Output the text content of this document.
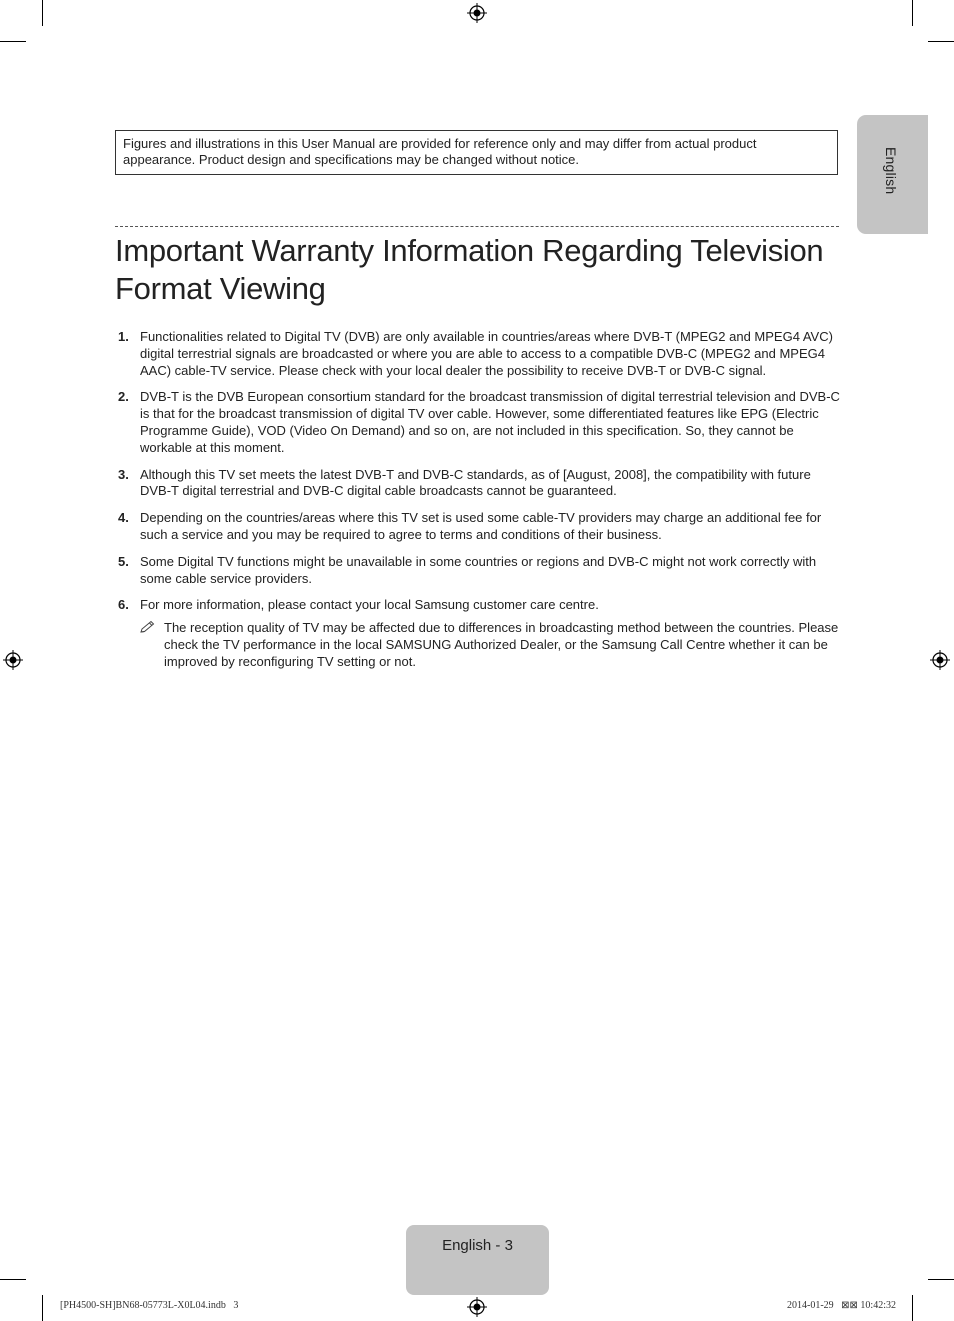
English
Figures and illustrations in this User Manual are provided for reference only and may differ from actual product appearance. Product design and specifications may be changed without notice.
Important Warranty Information Regarding Television Format Viewing
1. Functionalities related to Digital TV (DVB) are only available in countries/areas where DVB-T (MPEG2 and MPEG4 AVC) digital terrestrial signals are broadcasted or where you are able to access to a compatible DVB-C (MPEG2 and MPEG4 AAC) cable-TV service. Please check with your local dealer the possibility to receive DVB-T or DVB-C signal.
2. DVB-T is the DVB European consortium standard for the broadcast transmission of digital terrestrial television and DVB-C is that for the broadcast transmission of digital TV over cable. However, some differentiated features like EPG (Electric Programme Guide), VOD (Video On Demand) and so on, are not included in this specification. So, they cannot be workable at this moment.
3. Although this TV set meets the latest DVB-T and DVB-C standards, as of [August, 2008], the compatibility with future DVB-T digital terrestrial and DVB-C digital cable broadcasts cannot be guaranteed.
4. Depending on the countries/areas where this TV set is used some cable-TV providers may charge an additional fee for such a service and you may be required to agree to terms and conditions of their business.
5. Some Digital TV functions might be unavailable in some countries or regions and DVB-C might not work correctly with some cable service providers.
6. For more information, please contact your local Samsung customer care centre.
The reception quality of TV may be affected due to differences in broadcasting method between the countries. Please check the TV performance in the local SAMSUNG Authorized Dealer, or the Samsung Call Centre whether it can be improved by reconfiguring TV setting or not.
English - 3
[PH4500-SH]BN68-05773L-X0L04.indb   3	2014-01-29   ⊠⊠ 10:42:32
